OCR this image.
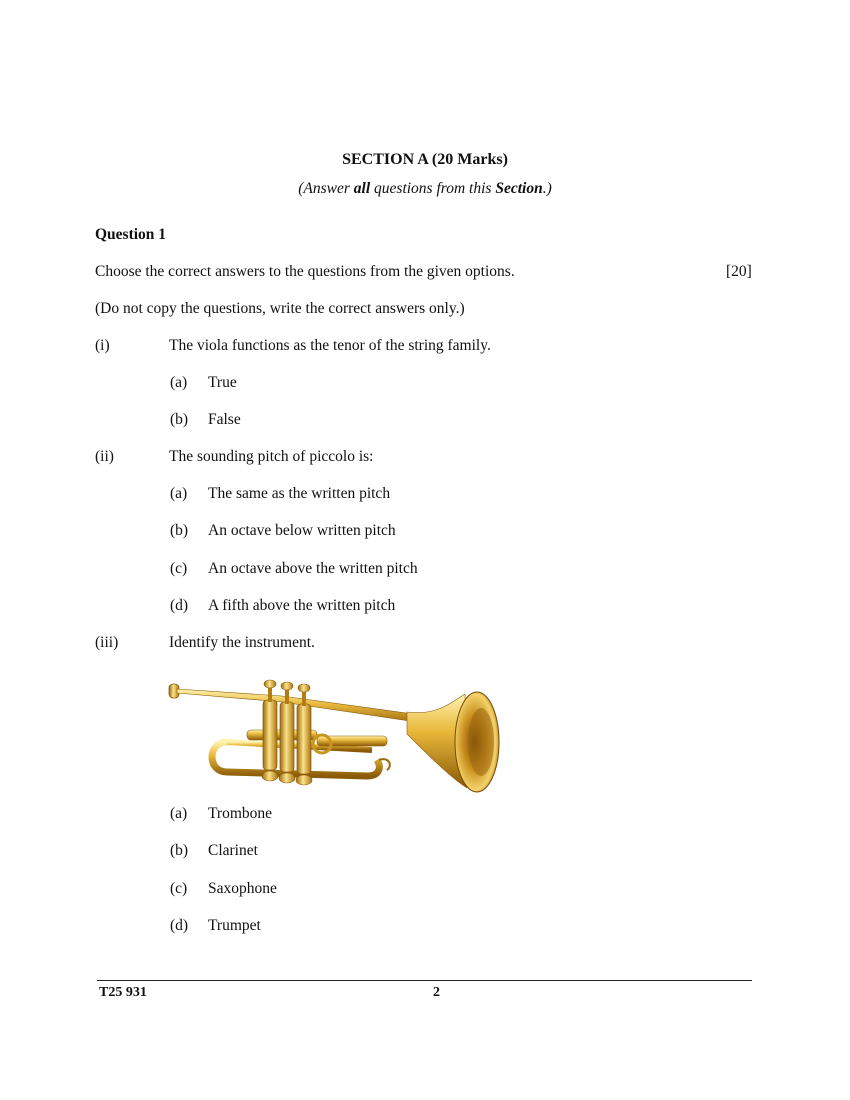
SECTION A (20 Marks)
(Answer all questions from this Section.)
Question 1
Choose the correct answers to the questions from the given options.	[20]
(Do not copy the questions, write the correct answers only.)
(i)	The viola functions as the tenor of the string family.
(a) True
(b) False
(ii)	The sounding pitch of piccolo is:
(a) The same as the written pitch
(b) An octave below written pitch
(c) An octave above the written pitch
(d) A fifth above the written pitch
(iii)	Identify the instrument.
(a) Trombone
(b) Clarinet
(c) Saxophone
(d) Trumpet
T25 931	2
